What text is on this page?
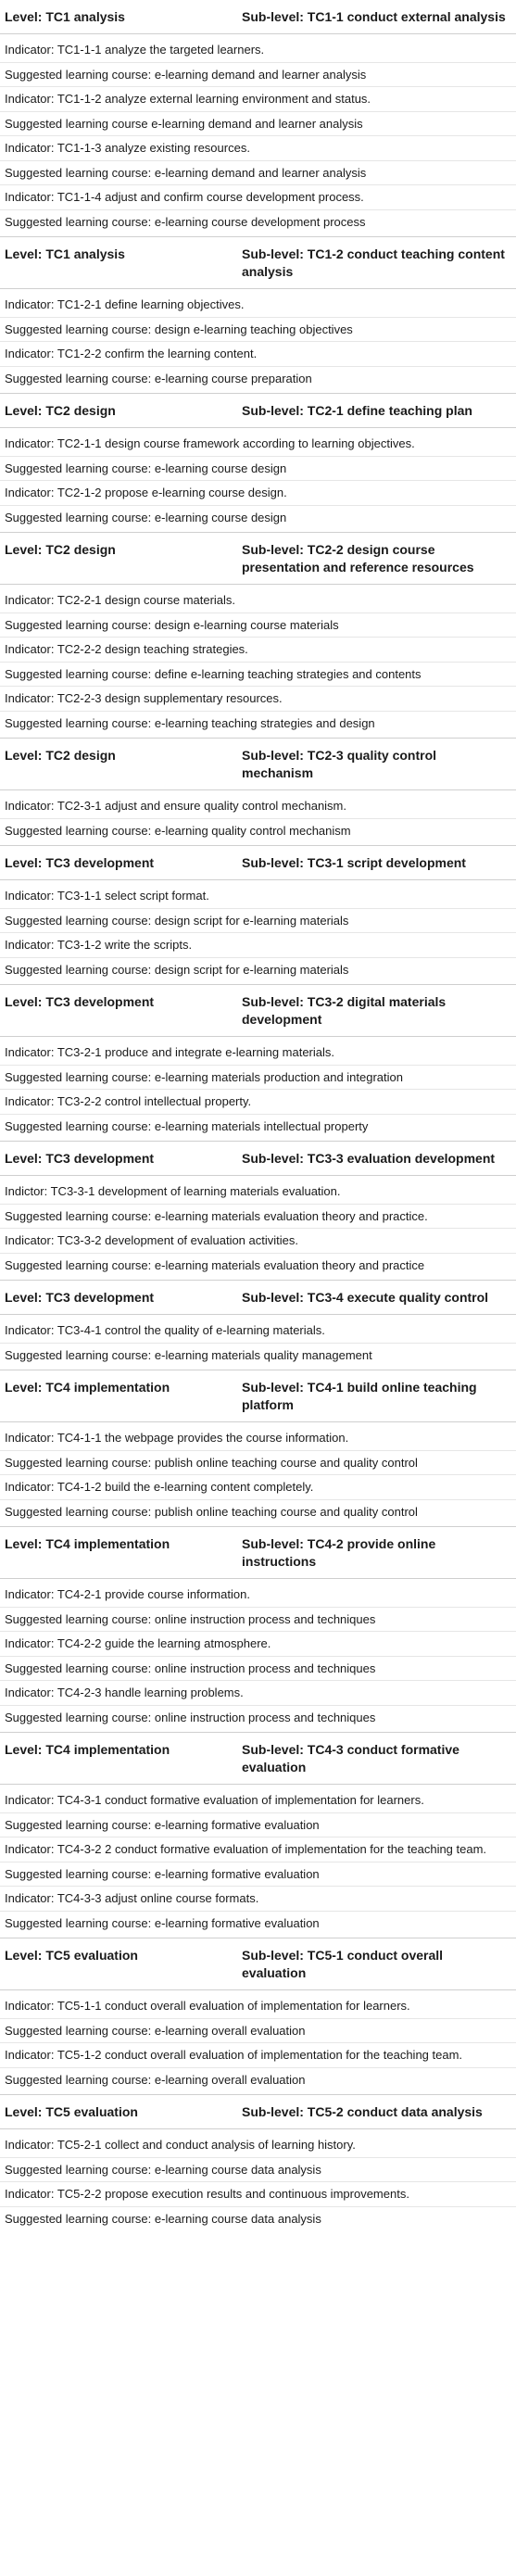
Level: TC1 analysis	Sub-level: TC1-1 conduct external analysis
Indicator: TC1-1-1 analyze the targeted learners.
Suggested learning course: e-learning demand and learner analysis
Indicator: TC1-1-2 analyze external learning environment and status.
Suggested learning course e-learning demand and learner analysis
Indicator: TC1-1-3 analyze existing resources.
Suggested learning course: e-learning demand and learner analysis
Indicator: TC1-1-4 adjust and confirm course development process.
Suggested learning course: e-learning course development process
Level: TC1 analysis	Sub-level: TC1-2 conduct teaching content analysis
Indicator: TC1-2-1 define learning objectives.
Suggested learning course: design e-learning teaching objectives
Indicator: TC1-2-2 confirm the learning content.
Suggested learning course: e-learning course preparation
Level: TC2 design	Sub-level: TC2-1 define teaching plan
Indicator: TC2-1-1 design course framework according to learning objectives.
Suggested learning course: e-learning course design
Indicator: TC2-1-2 propose e-learning course design.
Suggested learning course: e-learning course design
Level: TC2 design	Sub-level: TC2-2 design course presentation and reference resources
Indicator: TC2-2-1 design course materials.
Suggested learning course: design e-learning course materials
Indicator: TC2-2-2 design teaching strategies.
Suggested learning course: define e-learning teaching strategies and contents
Indicator: TC2-2-3 design supplementary resources.
Suggested learning course: e-learning teaching strategies and design
Level: TC2 design	Sub-level: TC2-3 quality control mechanism
Indicator: TC2-3-1 adjust and ensure quality control mechanism.
Suggested learning course: e-learning quality control mechanism
Level: TC3 development	Sub-level: TC3-1 script development
Indicator: TC3-1-1 select script format.
Suggested learning course: design script for e-learning materials
Indicator: TC3-1-2 write the scripts.
Suggested learning course: design script for e-learning materials
Level: TC3 development	Sub-level: TC3-2 digital materials development
Indicator: TC3-2-1 produce and integrate e-learning materials.
Suggested learning course: e-learning materials production and integration
Indicator: TC3-2-2 control intellectual property.
Suggested learning course: e-learning materials intellectual property
Level: TC3 development	Sub-level: TC3-3 evaluation development
Indictor: TC3-3-1 development of learning materials evaluation.
Suggested learning course: e-learning materials evaluation theory and practice.
Indicator: TC3-3-2 development of evaluation activities.
Suggested learning course: e-learning materials evaluation theory and practice
Level: TC3 development	Sub-level: TC3-4 execute quality control
Indicator: TC3-4-1 control the quality of e-learning materials.
Suggested learning course: e-learning materials quality management
Level: TC4 implementation	Sub-level: TC4-1 build online teaching platform
Indicator: TC4-1-1 the webpage provides the course information.
Suggested learning course: publish online teaching course and quality control
Indicator: TC4-1-2 build the e-learning content completely.
Suggested learning course: publish online teaching course and quality control
Level: TC4 implementation	Sub-level: TC4-2 provide online instructions
Indicator: TC4-2-1 provide course information.
Suggested learning course: online instruction process and techniques
Indicator: TC4-2-2 guide the learning atmosphere.
Suggested learning course: online instruction process and techniques
Indicator: TC4-2-3 handle learning problems.
Suggested learning course: online instruction process and techniques
Level: TC4 implementation	Sub-level: TC4-3 conduct formative evaluation
Indicator: TC4-3-1 conduct formative evaluation of implementation for learners.
Suggested learning course: e-learning formative evaluation
Indicator: TC4-3-2 2 conduct formative evaluation of implementation for the teaching team.
Suggested learning course: e-learning formative evaluation
Indicator: TC4-3-3 adjust online course formats.
Suggested learning course: e-learning formative evaluation
Level: TC5 evaluation	Sub-level: TC5-1 conduct overall evaluation
Indicator: TC5-1-1 conduct overall evaluation of implementation for learners.
Suggested learning course: e-learning overall evaluation
Indicator: TC5-1-2 conduct overall evaluation of implementation for the teaching team.
Suggested learning course: e-learning overall evaluation
Level: TC5 evaluation	Sub-level: TC5-2 conduct data analysis
Indicator: TC5-2-1 collect and conduct analysis of learning history.
Suggested learning course: e-learning course data analysis
Indicator: TC5-2-2 propose execution results and continuous improvements.
Suggested learning course: e-learning course data analysis
